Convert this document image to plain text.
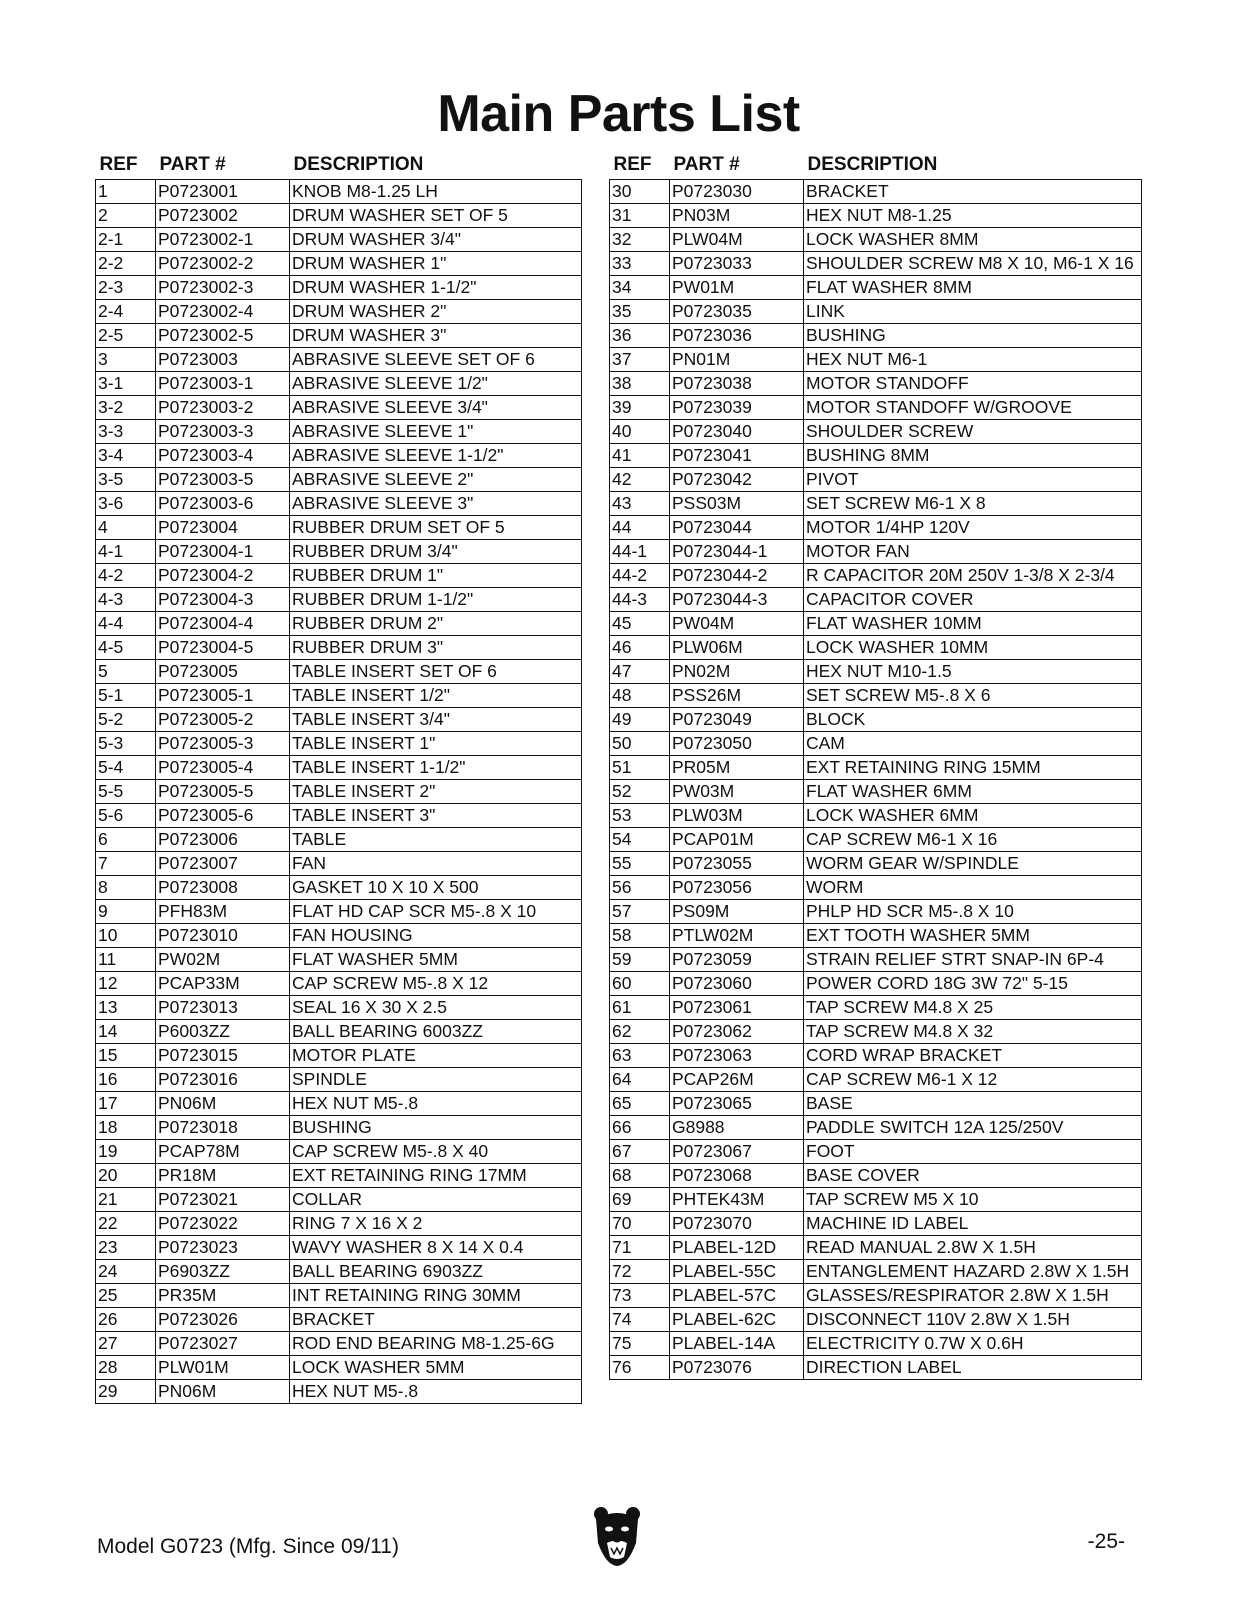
Main Parts List
REF	PART #	DESCRIPTION
1	P0723001	KNOB M8-1.25 LH
2	P0723002	DRUM WASHER SET OF 5
2-1	P0723002-1	DRUM WASHER 3/4"
2-2	P0723002-2	DRUM WASHER 1"
2-3	P0723002-3	DRUM WASHER 1-1/2"
2-4	P0723002-4	DRUM WASHER 2"
2-5	P0723002-5	DRUM WASHER 3"
3	P0723003	ABRASIVE SLEEVE SET OF 6
3-1	P0723003-1	ABRASIVE SLEEVE 1/2"
3-2	P0723003-2	ABRASIVE SLEEVE 3/4"
3-3	P0723003-3	ABRASIVE SLEEVE 1"
3-4	P0723003-4	ABRASIVE SLEEVE 1-1/2"
3-5	P0723003-5	ABRASIVE SLEEVE 2"
3-6	P0723003-6	ABRASIVE SLEEVE 3"
4	P0723004	RUBBER DRUM SET OF 5
4-1	P0723004-1	RUBBER DRUM 3/4"
4-2	P0723004-2	RUBBER DRUM 1"
4-3	P0723004-3	RUBBER DRUM 1-1/2"
4-4	P0723004-4	RUBBER DRUM 2"
4-5	P0723004-5	RUBBER DRUM 3"
5	P0723005	TABLE INSERT SET OF 6
5-1	P0723005-1	TABLE INSERT 1/2"
5-2	P0723005-2	TABLE INSERT 3/4"
5-3	P0723005-3	TABLE INSERT 1"
5-4	P0723005-4	TABLE INSERT 1-1/2"
5-5	P0723005-5	TABLE INSERT 2"
5-6	P0723005-6	TABLE INSERT 3"
6	P0723006	TABLE
7	P0723007	FAN
8	P0723008	GASKET 10 X 10 X 500
9	PFH83M	FLAT HD CAP SCR M5-.8 X 10
10	P0723010	FAN HOUSING
11	PW02M	FLAT WASHER 5MM
12	PCAP33M	CAP SCREW M5-.8 X 12
13	P0723013	SEAL 16 X 30 X 2.5
14	P6003ZZ	BALL BEARING 6003ZZ
15	P0723015	MOTOR PLATE
16	P0723016	SPINDLE
17	PN06M	HEX NUT M5-.8
18	P0723018	BUSHING
19	PCAP78M	CAP SCREW M5-.8 X 40
20	PR18M	EXT RETAINING RING 17MM
21	P0723021	COLLAR
22	P0723022	RING 7 X 16 X 2
23	P0723023	WAVY WASHER 8 X 14 X 0.4
24	P6903ZZ	BALL BEARING 6903ZZ
25	PR35M	INT RETAINING RING 30MM
26	P0723026	BRACKET
27	P0723027	ROD END BEARING M8-1.25-6G
28	PLW01M	LOCK WASHER 5MM
29	PN06M	HEX NUT M5-.8
REF	PART #	DESCRIPTION
30	P0723030	BRACKET
31	PN03M	HEX NUT M8-1.25
32	PLW04M	LOCK WASHER 8MM
33	P0723033	SHOULDER SCREW M8 X 10, M6-1 X 16
34	PW01M	FLAT WASHER 8MM
35	P0723035	LINK
36	P0723036	BUSHING
37	PN01M	HEX NUT M6-1
38	P0723038	MOTOR STANDOFF
39	P0723039	MOTOR STANDOFF W/GROOVE
40	P0723040	SHOULDER SCREW
41	P0723041	BUSHING 8MM
42	P0723042	PIVOT
43	PSS03M	SET SCREW M6-1 X 8
44	P0723044	MOTOR 1/4HP 120V
44-1	P0723044-1	MOTOR FAN
44-2	P0723044-2	R CAPACITOR 20M 250V 1-3/8 X 2-3/4
44-3	P0723044-3	CAPACITOR COVER
45	PW04M	FLAT WASHER 10MM
46	PLW06M	LOCK WASHER 10MM
47	PN02M	HEX NUT M10-1.5
48	PSS26M	SET SCREW M5-.8 X 6
49	P0723049	BLOCK
50	P0723050	CAM
51	PR05M	EXT RETAINING RING 15MM
52	PW03M	FLAT WASHER 6MM
53	PLW03M	LOCK WASHER 6MM
54	PCAP01M	CAP SCREW M6-1 X 16
55	P0723055	WORM GEAR W/SPINDLE
56	P0723056	WORM
57	PS09M	PHLP HD SCR M5-.8 X 10
58	PTLW02M	EXT TOOTH WASHER 5MM
59	P0723059	STRAIN RELIEF STRT SNAP-IN 6P-4
60	P0723060	POWER CORD 18G 3W 72" 5-15
61	P0723061	TAP SCREW M4.8 X 25
62	P0723062	TAP SCREW M4.8 X 32
63	P0723063	CORD WRAP BRACKET
64	PCAP26M	CAP SCREW M6-1 X 12
65	P0723065	BASE
66	G8988	PADDLE SWITCH 12A 125/250V
67	P0723067	FOOT
68	P0723068	BASE COVER
69	PHTEK43M	TAP SCREW M5 X 10
70	P0723070	MACHINE ID LABEL
71	PLABEL-12D	READ MANUAL 2.8W X 1.5H
72	PLABEL-55C	ENTANGLEMENT HAZARD 2.8W X 1.5H
73	PLABEL-57C	GLASSES/RESPIRATOR 2.8W X 1.5H
74	PLABEL-62C	DISCONNECT 110V 2.8W X 1.5H
75	PLABEL-14A	ELECTRICITY 0.7W X 0.6H
76	P0723076	DIRECTION LABEL
Model G0723 (Mfg. Since 09/11)	-25-
